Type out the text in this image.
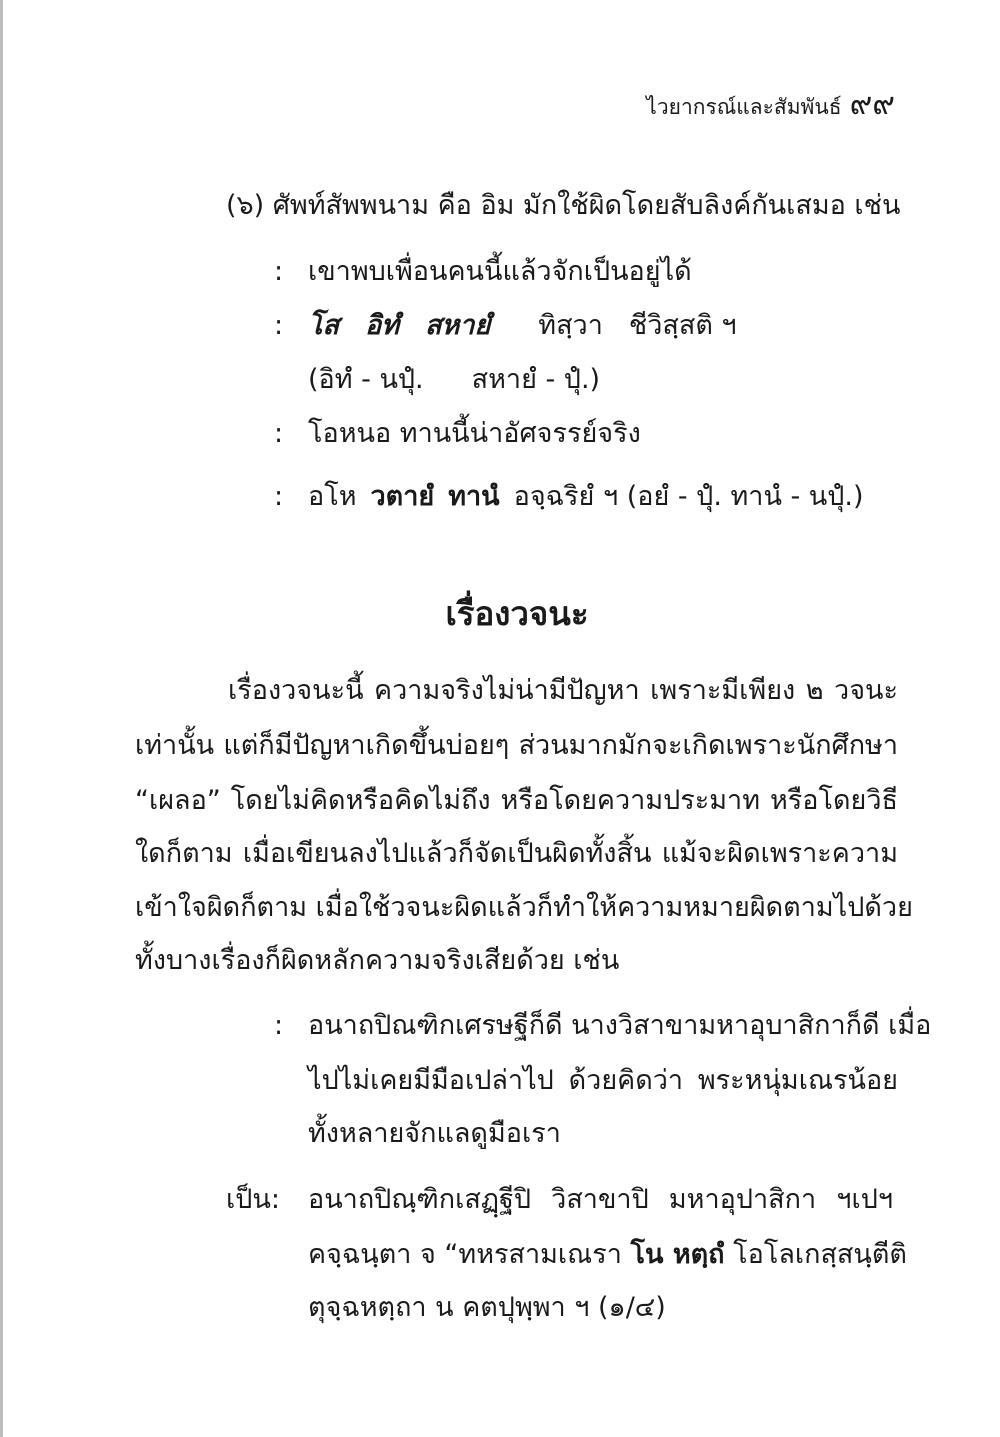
ไวยากรณ์และสัมพันธ์ ๙๙
(๖) ศัพท์สัพพนาม คือ อิม มักใช้ผิดโดยสับลิงค์กันเสมอ เช่น
: เขาพบเพื่อนคนนี้แล้วจักเป็นอยู่ได้
: โส อิทํ สหายํ ทิสฺวา ชีวิสฺสติ ฯ
(อิทํ - นปุํ. สหายํ - ปุํ.)
: โอหนอ ทานนี้น่าอัศจรรย์จริง
: อโห วตายํ ทานํ อจฺฉริยํ ฯ (อยํ - ปุํ. ทานํ - นปุํ.)
เรื่องวจนะ
เรื่องวจนะนี้ ความจริงไม่น่ามีปัญหา เพราะมีเพียง ๒ วจนะ
เท่านั้น แต่ก็มีปัญหาเกิดขึ้นบ่อยๆ ส่วนมากมักจะเกิดเพราะนักศึกษา
“เผลอ” โดยไม่คิดหรือคิดไม่ถึง หรือโดยความประมาท หรือโดยวิธี
ใดก็ตาม เมื่อเขียนลงไปแล้วก็จัดเป็นผิดทั้งสิ้น แม้จะผิดเพราะความ
เข้าใจผิดก็ตาม เมื่อใช้วจนะผิดแล้วก็ทำให้ความหมายผิดตามไปด้วย
ทั้งบางเรื่องก็ผิดหลักความจริงเสียด้วย เช่น
: อนาถปิณฑิกเศรษฐีก็ดี นางวิสาขามหาอุบาสิกาก็ดี เมื่อ
ไปไม่เคยมีมือเปล่าไป ด้วยคิดว่า พระหนุ่มเณรน้อย
ทั้งหลายจักแลดูมือเรา
เป็น: อนาถปิณฺฑิกเสฏฺฐีปิ วิสาขาปิ มหาอุปาสิกา ฯเปฯ
คจฺฉนฺตา จ “ทหรสามเณรา โน หตฺถํ โอโลเกสฺสนฺตีติ
ตุจฺฉหตฺถา น คตปุพฺพา ฯ (๑/๔)
